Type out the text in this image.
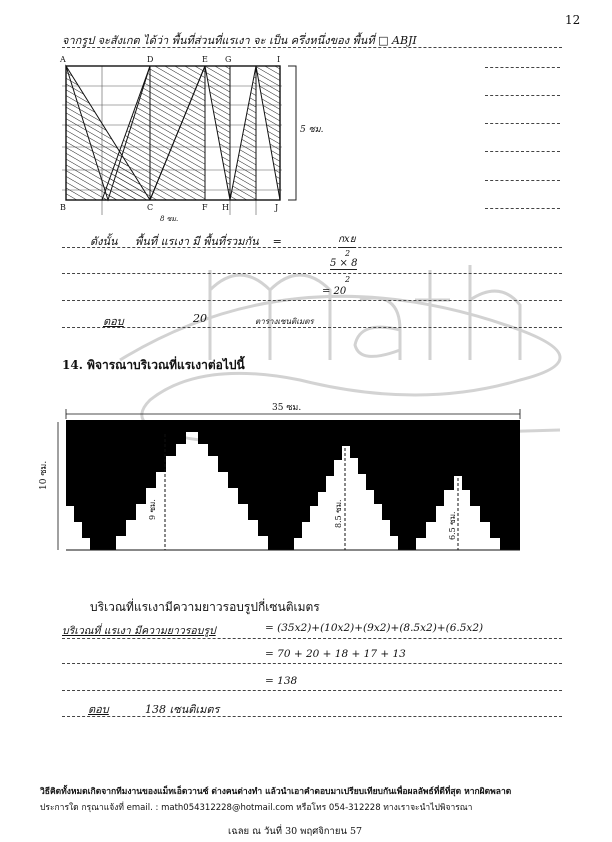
12
จากรูป จะสังเกต ได้ว่า พื้นที่ส่วนที่แรเงา จะ เป็น ครึ่งหนึ่งของ พื้นที่ □ ABJI
A	D	E G	I
B	C	F H	J
5 ซม.
8 ซม.
ดังนั้น พื้นที่ แรเงา มี พื้นที่รวมกัน =	กxย
2
5 × 8
2
= 20
ตอบ	20	ตารางเซนติเมตร
14. พิจารณาบริเวณที่แรเงาต่อไปนี้
35 ซม.
10 ซม.
9 ซม.	8.5 ซม.	6.5 ซม.
บริเวณที่แรเงามีความยาวรอบรูปกี่เซนติเมตร
บริเวณที่ แรเงา มีความยาวรอบรูป	= (35x2)+(10x2)+(9x2)+(8.5x2)+(6.5x2)
= 70 + 20 + 18 + 17 + 13
= 138
ตอบ	138 เซนติเมตร
วิธีคิดทั้งหมดเกิดจากทีมงานของแม็ทเอ็ดวานซ์ ต่างคนต่างทำ แล้วนำเอาคำตอบมาเปรียบเทียบกันเพื่อผลลัพธ์ที่ดีที่สุด หากผิดพลาด
ประการใด กรุณาแจ้งที่ email. : math054312228@hotmail.com หรือโทร 054-312228 ทางเราจะนำไปพิจารณา
เฉลย ณ วันที่ 30 พฤศจิกายน 57
